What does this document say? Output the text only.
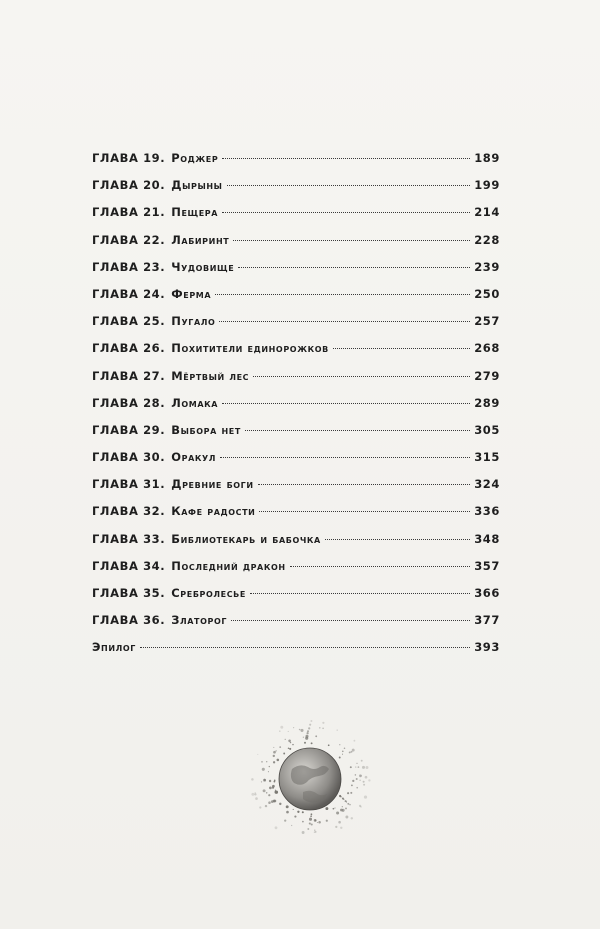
ГЛАВА 19. Роджер	189
ГЛАВА 20. Дырыны	199
ГЛАВА 21. Пещера	214
ГЛАВА 22. Лабиринт	228
ГЛАВА 23. Чудовище	239
ГЛАВА 24. Ферма	250
ГЛАВА 25. Пугало	257
ГЛАВА 26. Похитители единорожков	268
ГЛАВА 27. Мёртвый лес	279
ГЛАВА 28. Ломака	289
ГЛАВА 29. Выбора нет	305
ГЛАВА 30. Оракул	315
ГЛАВА 31. Древние боги	324
ГЛАВА 32. Кафе радости	336
ГЛАВА 33. Библиотекарь и бабочка	348
ГЛАВА 34. Последний дракон	357
ГЛАВА 35. Сребролесье	366
ГЛАВА 36. Златорог	377
Эпилог	393
